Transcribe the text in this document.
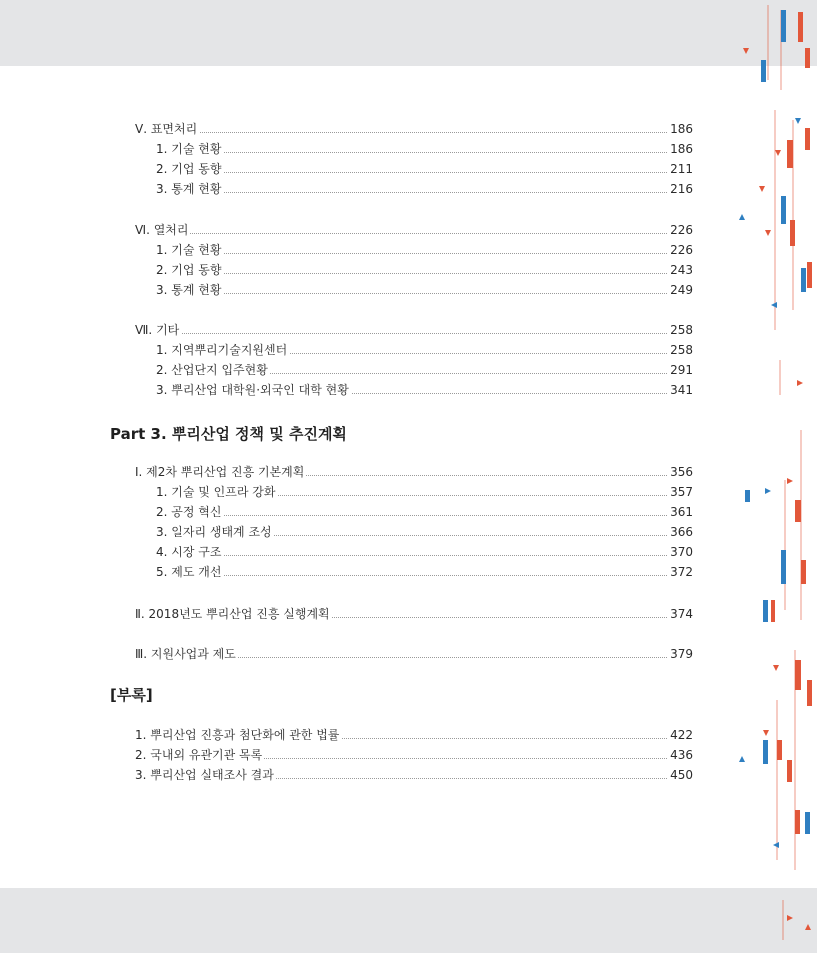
Ⅴ. 표면처리	186
1. 기술 현황	186
2. 기업 동향	211
3. 통계 현황	216
Ⅵ. 열처리	226
1. 기술 현황	226
2. 기업 동향	243
3. 통계 현황	249
Ⅶ. 기타	258
1. 지역뿌리기술지원센터	258
2. 산업단지 입주현황	291
3. 뿌리산업 대학원·외국인 대학 현황	341
Part 3. 뿌리산업 정책 및 추진계획
Ⅰ. 제2차 뿌리산업 진흥 기본계획	356
1. 기술 및 인프라 강화	357
2. 공정 혁신	361
3. 일자리 생태계 조성	366
4. 시장 구조	370
5. 제도 개선	372
Ⅱ. 2018년도 뿌리산업 진흥 실행계획	374
Ⅲ. 지원사업과 제도	379
[부록]
1. 뿌리산업 진흥과 첨단화에 관한 법률	422
2. 국내외 유관기관 목록	436
3. 뿌리산업 실태조사 결과	450
